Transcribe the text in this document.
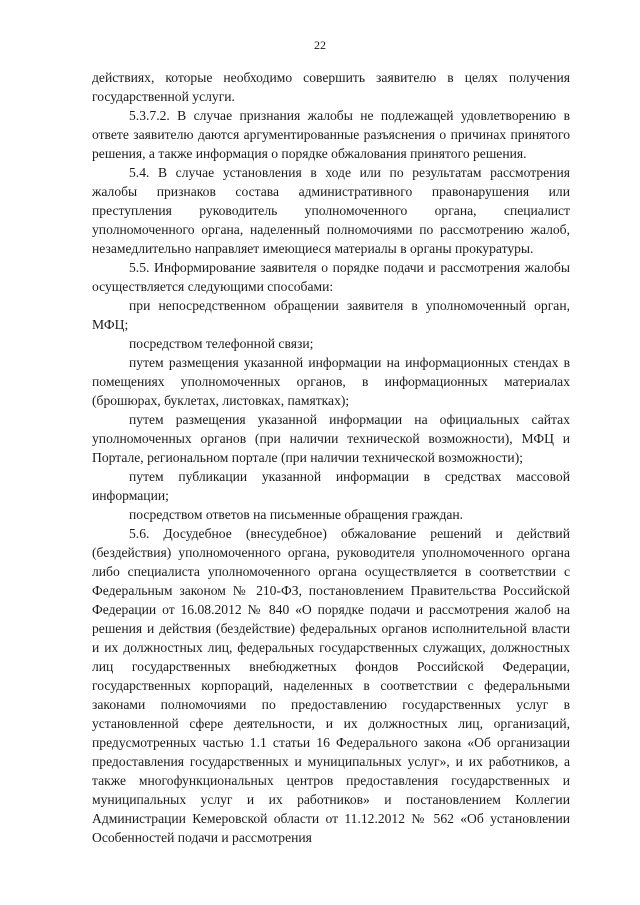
22

действиях, которые необходимо совершить заявителю в целях получения государственной услуги.

5.3.7.2. В случае признания жалобы не подлежащей удовлетворению в ответе заявителю даются аргументированные разъяснения о причинах принятого решения, а также информация о порядке обжалования принятого решения.

5.4. В случае установления в ходе или по результатам рассмотрения жалобы признаков состава административного правонарушения или преступления руководитель уполномоченного органа, специалист уполномоченного органа, наделенный полномочиями по рассмотрению жалоб, незамедлительно направляет имеющиеся материалы в органы прокуратуры.

5.5. Информирование заявителя о порядке подачи и рассмотрения жалобы осуществляется следующими способами:

при непосредственном обращении заявителя в уполномоченный орган, МФЦ;

посредством телефонной связи;

путем размещения указанной информации на информационных стендах в помещениях уполномоченных органов, в информационных материалах (брошюрах, буклетах, листовках, памятках);

путем размещения указанной информации на официальных сайтах уполномоченных органов (при наличии технической возможности), МФЦ и Портале, региональном портале (при наличии технической возможности);

путем публикации указанной информации в средствах массовой информации;

посредством ответов на письменные обращения граждан.

5.6. Досудебное (внесудебное) обжалование решений и действий (бездействия) уполномоченного органа, руководителя уполномоченного органа либо специалиста уполномоченного органа осуществляется в соответствии с Федеральным законом № 210-ФЗ, постановлением Правительства Российской Федерации от 16.08.2012 № 840 «О порядке подачи и рассмотрения жалоб на решения и действия (бездействие) федеральных органов исполнительной власти и их должностных лиц, федеральных государственных служащих, должностных лиц государственных внебюджетных фондов Российской Федерации, государственных корпораций, наделенных в соответствии с федеральными законами полномочиями по предоставлению государственных услуг в установленной сфере деятельности, и их должностных лиц, организаций, предусмотренных частью 1.1 статьи 16 Федерального закона «Об организации предоставления государственных и муниципальных услуг», и их работников, а также многофункциональных центров предоставления государственных и муниципальных услуг и их работников» и постановлением Коллегии Администрации Кемеровской области от 11.12.2012 № 562 «Об установлении Особенностей подачи и рассмотрения
